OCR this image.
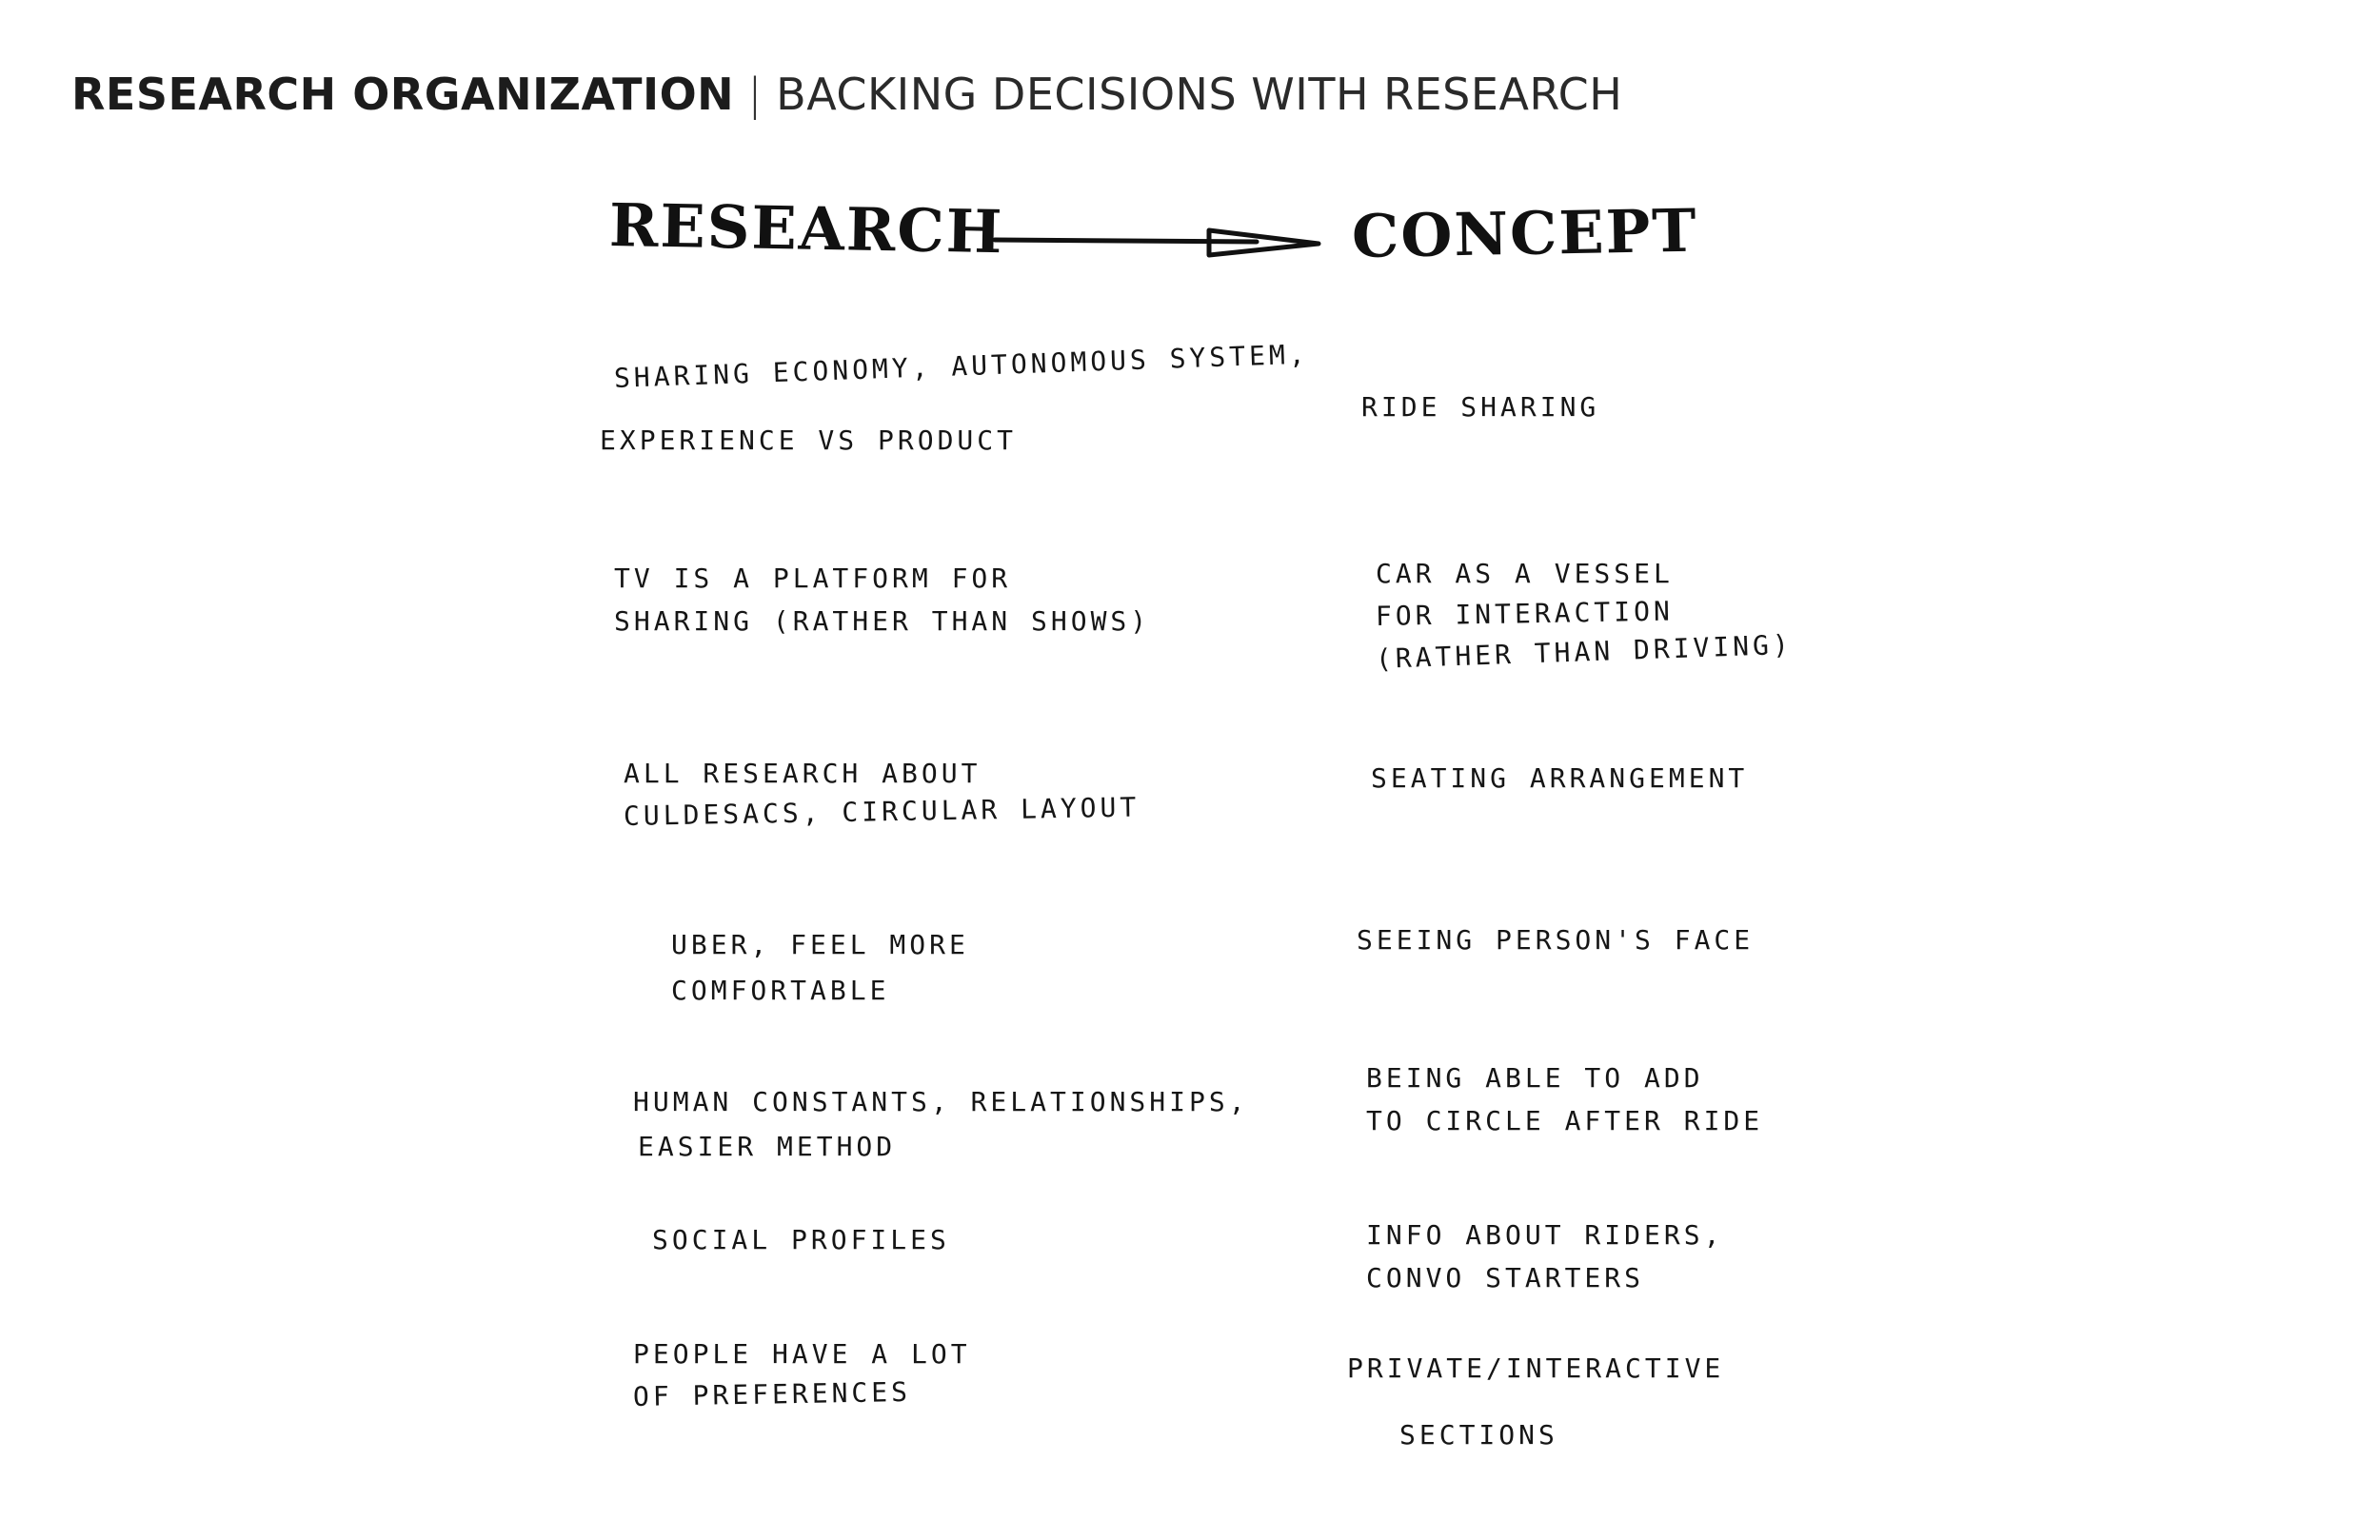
RESEARCH ORGANIZATION | BACKING DECISIONS WITH RESEARCH
RESEARCH	CONCEPT
SHARING ECONOMY, AUTONOMOUS SYSTEM,
EXPERIENCE VS PRODUCT
RIDE SHARING
TV IS A PLATFORM FOR
SHARING (RATHER THAN SHOWS)
CAR AS A VESSEL
FOR INTERACTION
(RATHER THAN DRIVING)
ALL RESEARCH ABOUT
CULDESACS, CIRCULAR LAYOUT
SEATING ARRANGEMENT
UBER, FEEL MORE
COMFORTABLE
SEEING PERSON'S FACE
HUMAN CONSTANTS, RELATIONSHIPS,
EASIER METHOD
BEING ABLE TO ADD
TO CIRCLE AFTER RIDE
SOCIAL PROFILES	INFO ABOUT RIDERS,
CONVO STARTERS
PEOPLE HAVE A LOT
OF PREFERENCES
PRIVATE/INTERACTIVE
SECTIONS
